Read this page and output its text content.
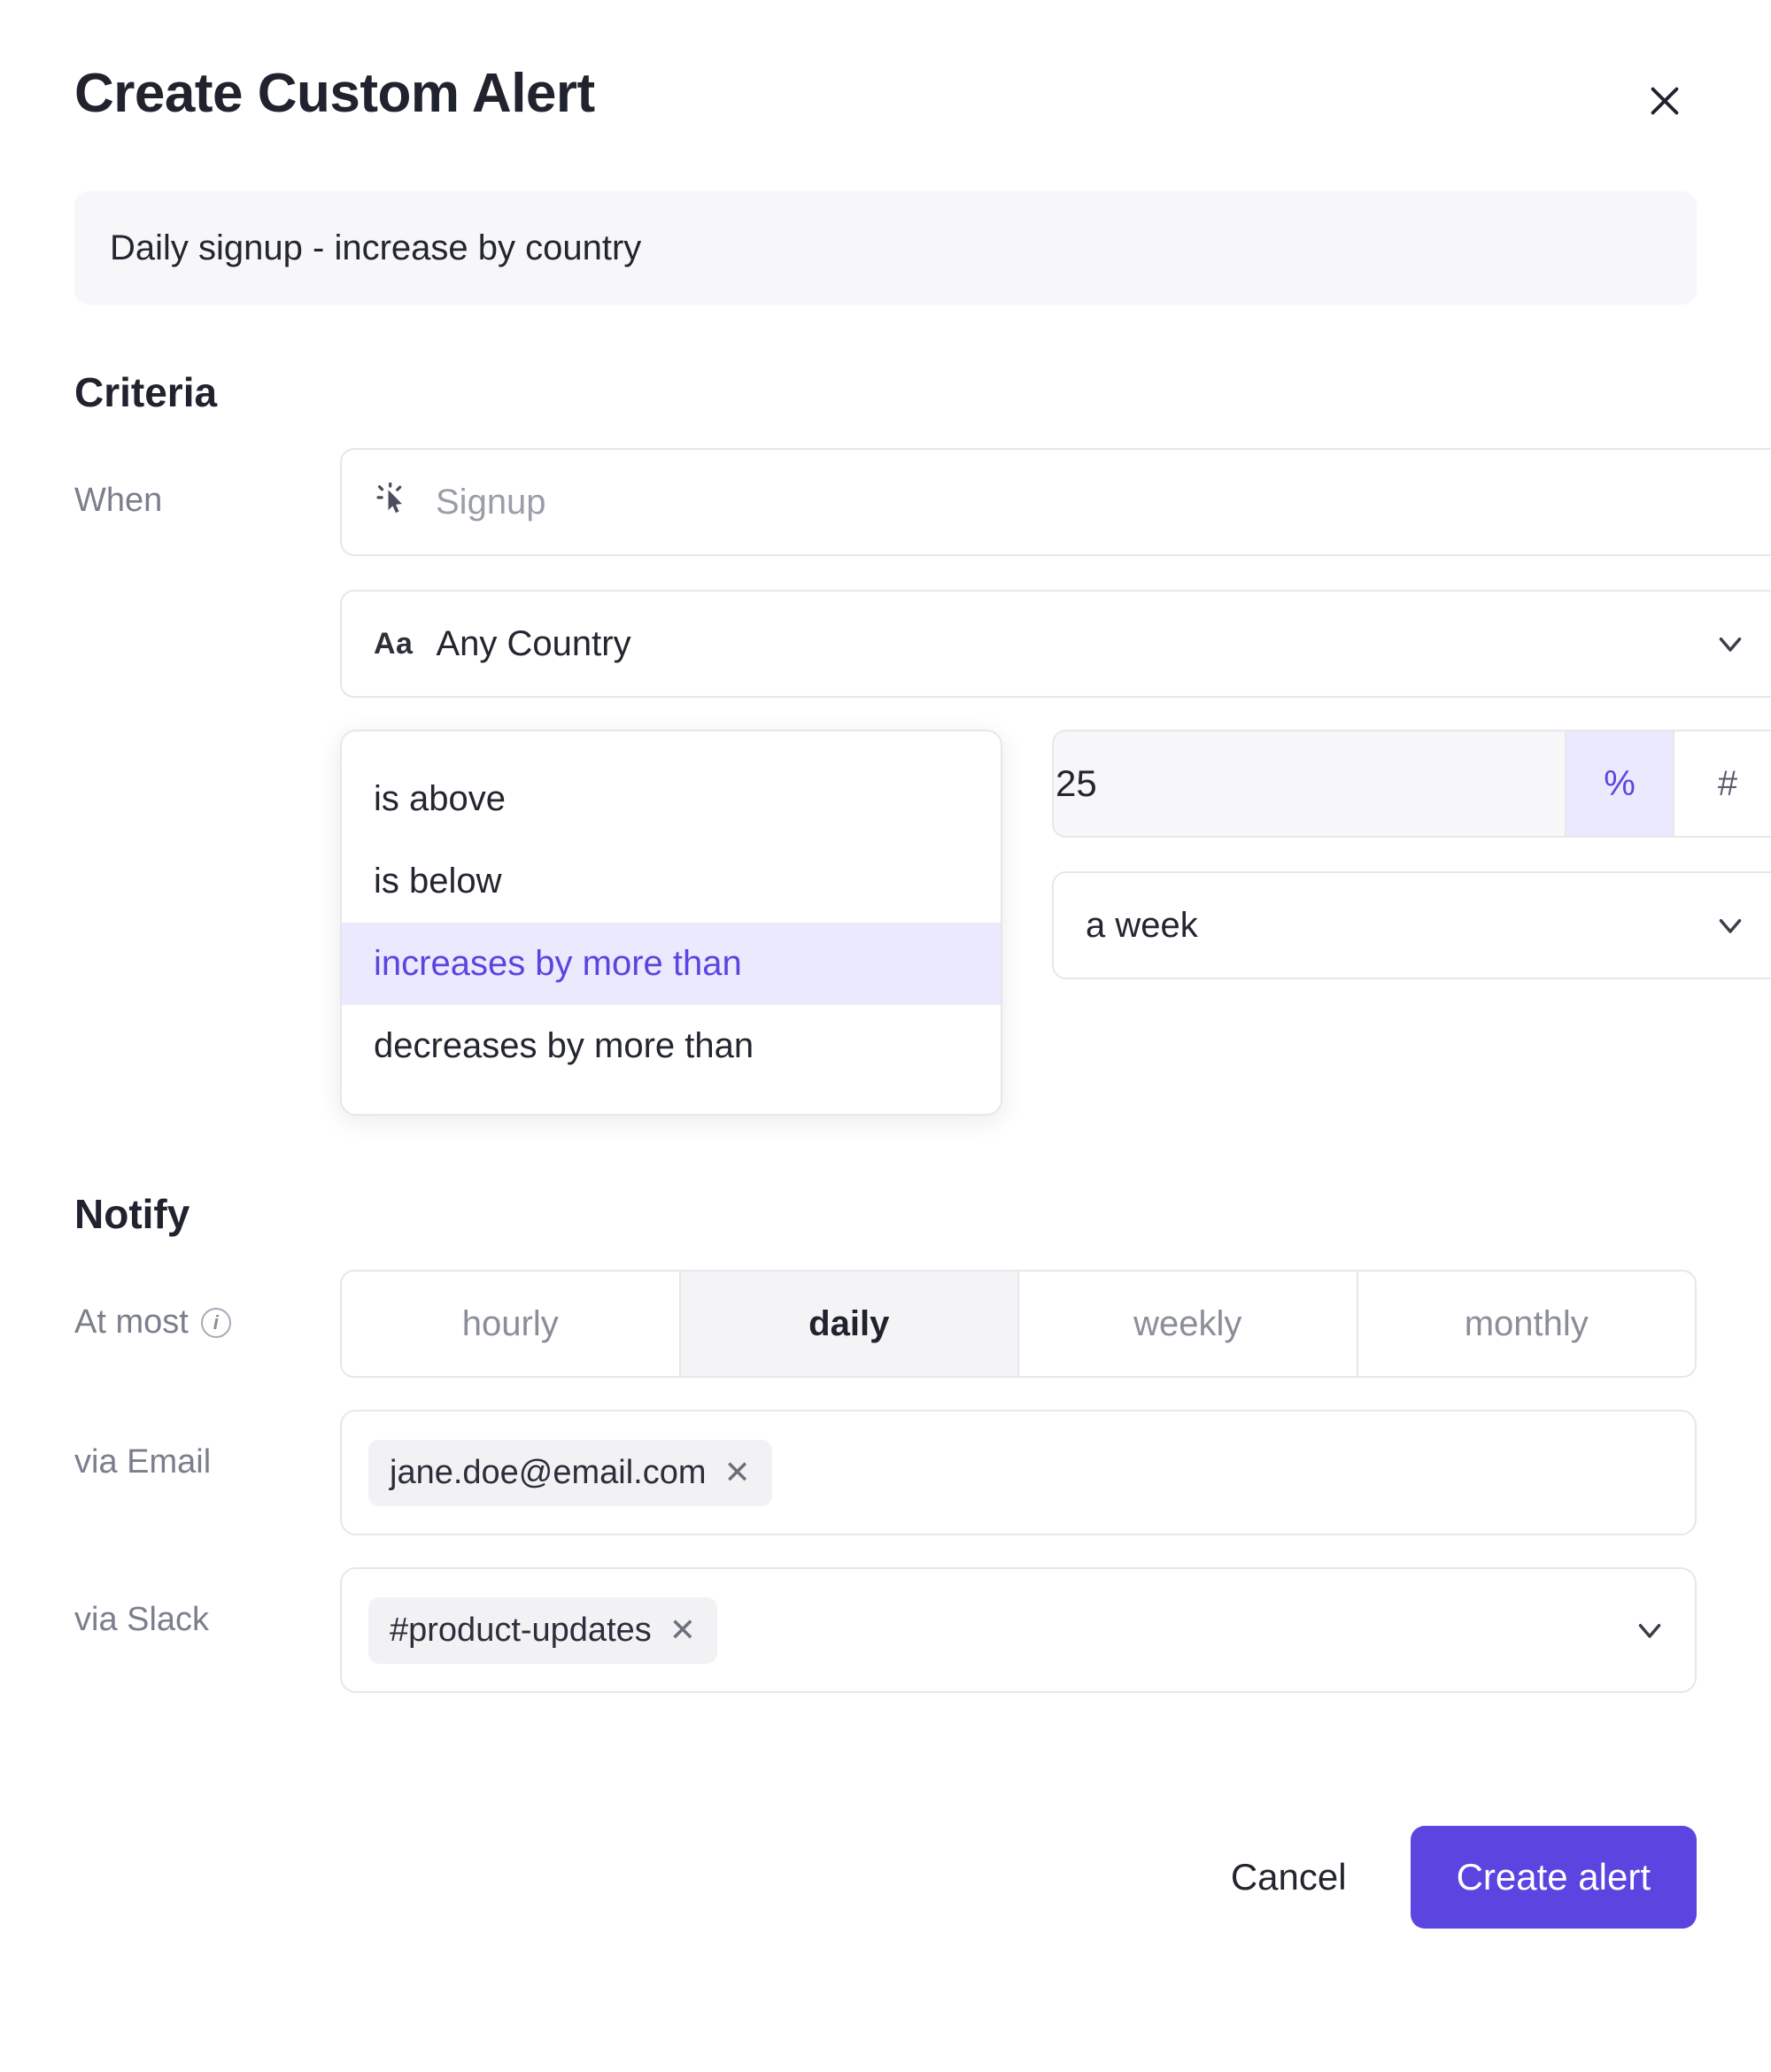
Create Custom Alert
Daily signup - increase by country
Criteria
When	Signup
Aa Any Country
is above
is below
increases by more than
decreases by more than
25
%	#
a week
Notify
At most	i	hourly	daily	weekly	monthly
via Email	jane.doe@email.com ✕
via Slack	#product-updates ✕
Cancel	Create alert
